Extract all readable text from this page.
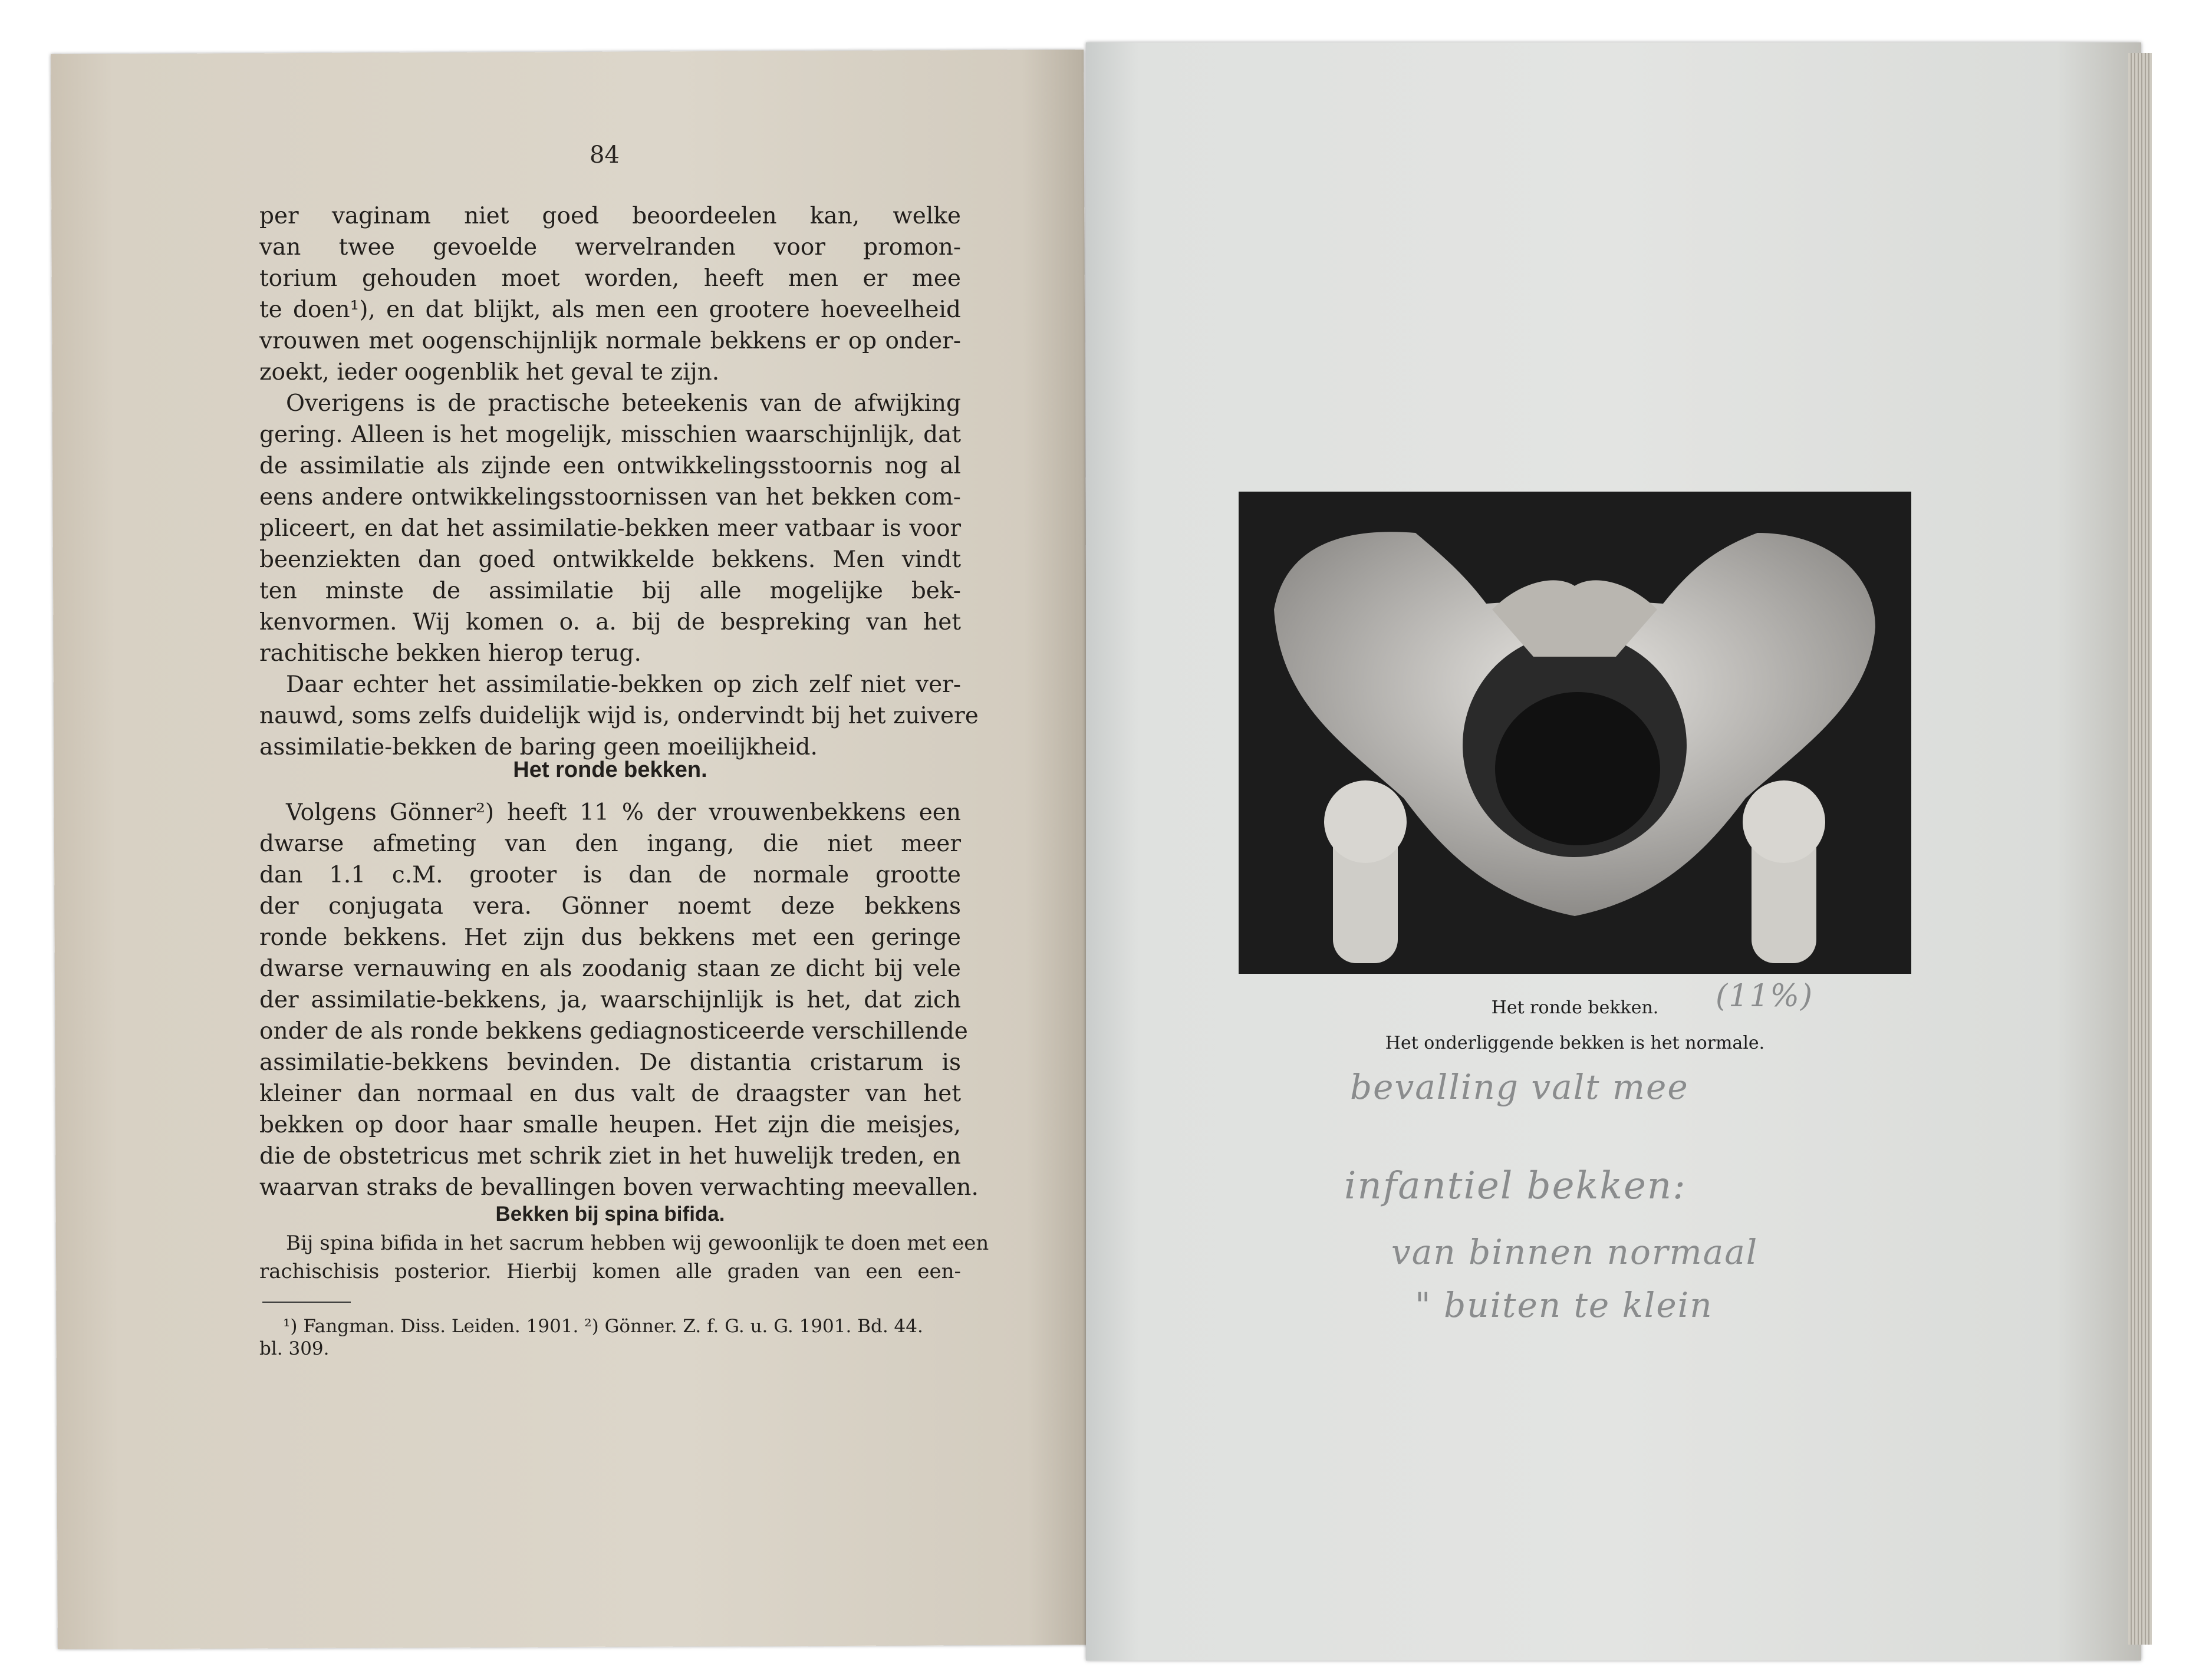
84
per vaginam niet goed beoordeelen kan, welke
van twee gevoelde wervelranden voor promon-
torium gehouden moet worden, heeft men er mee
te doen¹), en dat blijkt, als men een grootere hoeveelheid
vrouwen met oogenschijnlijk normale bekkens er op onder-
zoekt, ieder oogenblik het geval te zijn.
Overigens is de practische beteekenis van de afwijking
gering. Alleen is het mogelijk, misschien waarschijnlijk, dat
de assimilatie als zijnde een ontwikkelingsstoornis nog al
eens andere ontwikkelingsstoornissen van het bekken com-
pliceert, en dat het assimilatie-bekken meer vatbaar is voor
beenziekten dan goed ontwikkelde bekkens. Men vindt
ten minste de assimilatie bij alle mogelijke bek-
kenvormen. Wij komen o. a. bij de bespreking van het
rachitische bekken hierop terug.
Daar echter het assimilatie-bekken op zich zelf niet ver-
nauwd, soms zelfs duidelijk wijd is, ondervindt bij het zuivere
assimilatie-bekken de baring geen moeilijkheid.
Het ronde bekken.
Volgens Gönner²) heeft 11 % der vrouwenbekkens een
dwarse afmeting van den ingang, die niet meer
dan 1.1 c.M. grooter is dan de normale grootte
der conjugata vera. Gönner noemt deze bekkens
ronde bekkens. Het zijn dus bekkens met een geringe
dwarse vernauwing en als zoodanig staan ze dicht bij vele
der assimilatie-bekkens, ja, waarschijnlijk is het, dat zich
onder de als ronde bekkens gediagnosticeerde verschillende
assimilatie-bekkens bevinden. De distantia cristarum is
kleiner dan normaal en dus valt de draagster van het
bekken op door haar smalle heupen. Het zijn die meisjes,
die de obstetricus met schrik ziet in het huwelijk treden, en
waarvan straks de bevallingen boven verwachting meevallen.
Bekken bij spina bifida.
Bij spina bifida in het sacrum hebben wij gewoonlijk te doen met een
rachischisis posterior. Hierbij komen alle graden van een een-
¹) Fangman. Diss. Leiden. 1901. ²) Gönner. Z. f. G. u. G. 1901. Bd. 44.
bl. 309.
Het ronde bekken.
Het onderliggende bekken is het normale.
(11%)
bevalling valt mee
infantiel bekken:
van binnen normaal
" buiten te klein
